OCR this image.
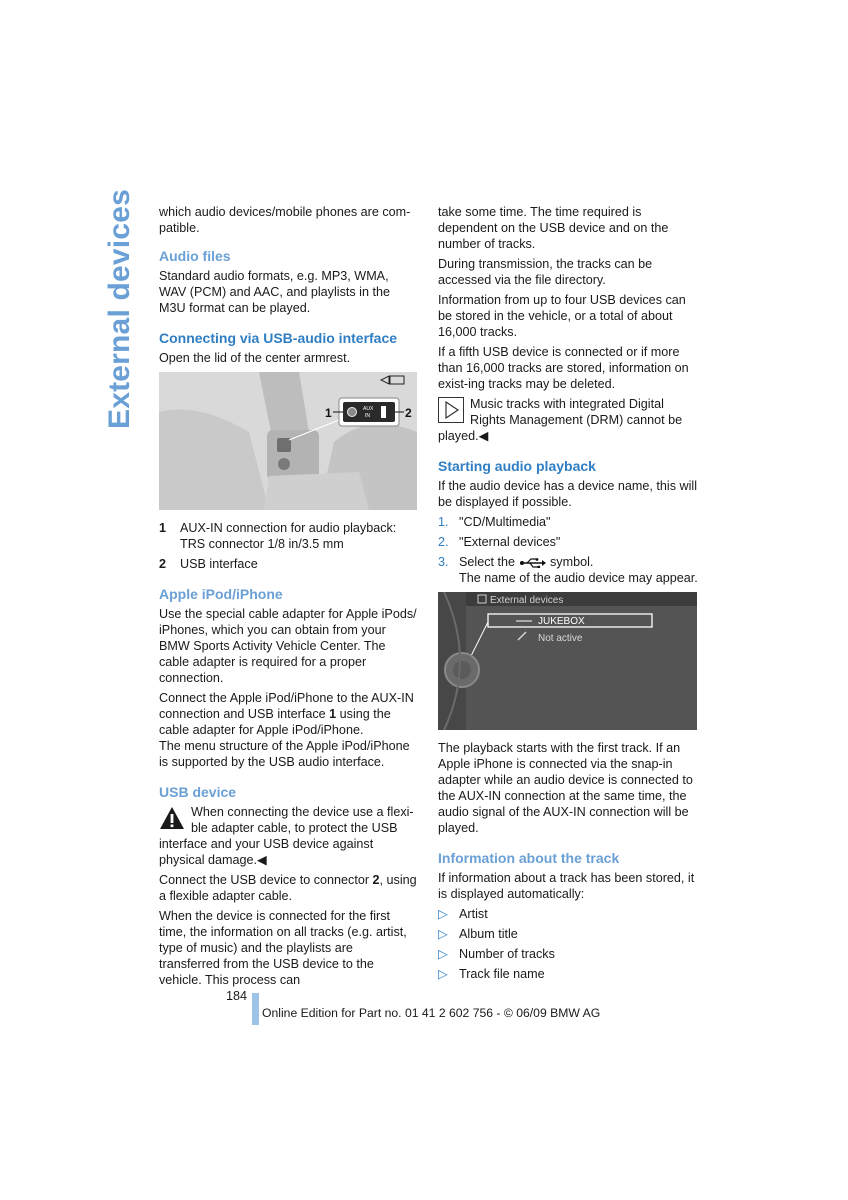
External devices which audio devices/mobile phones are com-patible.

Audio files

Standard audio formats, e.g. MP3, WMA, WAV (PCM) and AAC, and playlists in the M3U format can be played.

Connecting via USB-audio interface

Open the lid of the center armrest.

AUX
IN
1	2
1	AUX-IN connection for audio playback: TRS connector 1/8 in/3.5 mm
2	USB interface
Apple iPod/iPhone

Use the special cable adapter for Apple iPods/ iPhones, which you can obtain from your BMW Sports Activity Vehicle Center. The cable adapter is required for a proper connection.

Connect the Apple iPod/iPhone to the AUX-IN connection and USB interface 1 using the cable adapter for Apple iPod/iPhone.
The menu structure of the Apple iPod/iPhone is supported by the USB audio interface.

USB device
When connecting the device use a flexi-ble adapter cable, to protect the USB interface and your USB device against physical damage.◀

Connect the USB device to connector 2, using a flexible adapter cable.

When the device is connected for the first time, the information on all tracks (e.g. artist, type of music) and the playlists are transferred from the USB device to the vehicle. This process can

take some time. The time required is dependent on the USB device and on the number of tracks.

During transmission, the tracks can be accessed via the file directory.

Information from up to four USB devices can be stored in the vehicle, or a total of about 16,000 tracks.

If a fifth USB device is connected or if more than 16,000 tracks are stored, information on exist-ing tracks may be deleted.

Music tracks with integrated Digital Rights Management (DRM) cannot be played.◀
Starting audio playback

If the audio device has a device name, this will be displayed if possible.

1. "CD/Multimedia"
2. "External devices"
3. Select the  symbol.
The name of the audio device may appear.
External devices
JUKEBOX
Not active

The playback starts with the first track. If an Apple iPhone is connected via the snap-in adapter while an audio device is connected to the AUX-IN connection at the same time, the audio signal of the AUX-IN connection will be played.

Information about the track

If information about a track has been stored, it is displayed automatically:

▷ Artist
▷ Album title
▷ Number of tracks
▷ Track file name
184
Online Edition for Part no. 01 41 2 602 756 - © 06/09 BMW AG
